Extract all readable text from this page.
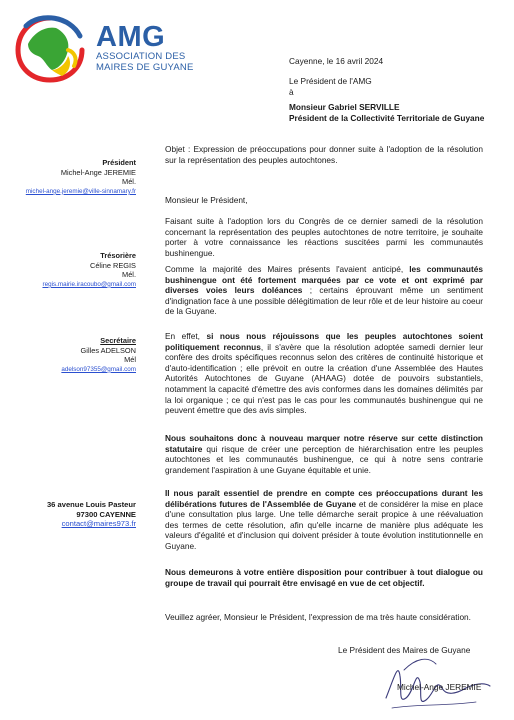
AMG
ASSOCIATION DES
MAIRES DE GUYANE
Cayenne, le 16 avril 2024
Le Président de l'AMG
à
Monsieur Gabriel SERVILLE
Président de la Collectivité Territoriale de Guyane
Président
Michel-Ange JEREMIE
Mél.
michel-ange.jeremie@ville-sinnamary.fr
Trésorière
Céline REGIS
Mél.
regis.mairie.iracoubo@gmail.com
Secrétaire
Gilles ADELSON
Mél
adelson97355@gmail.com
36 avenue Louis Pasteur
97300 CAYENNE
contact@maires973.fr
Objet : Expression de préoccupations pour donner suite à l'adoption de la résolution sur la représentation des peuples autochtones.
Monsieur le Président,
Faisant suite à l'adoption lors du Congrès de ce dernier samedi de la résolution concernant la représentation des peuples autochtones de notre territoire, je souhaite porter à votre connaissance les réactions suscitées parmi les communautés bushinengue.
Comme la majorité des Maires présents l'avaient anticipé, les communautés bushinengue ont été fortement marquées par ce vote et ont exprimé par diverses voies leurs doléances ; certains éprouvant même un sentiment d'indignation face à une possible délégitimation de leur rôle et de leur histoire au coeur de la Guyane.
En effet, si nous nous réjouissons que les peuples autochtones soient politiquement reconnus, il s'avère que la résolution adoptée samedi dernier leur confère des droits spécifiques reconnus selon des critères de continuité historique et d'auto-identification ; elle prévoit en outre la création d'une Assemblée des Hautes Autorités Autochtones de Guyane (AHAAG) dotée de pouvoirs substantiels, notamment la capacité d'émettre des avis conformes dans les domaines délimités par la loi organique ; ce qui n'est pas le cas pour les communautés bushinengue qui ne peuvent émettre que des avis simples.
Nous souhaitons donc à nouveau marquer notre réserve sur cette distinction statutaire qui risque de créer une perception de hiérarchisation entre les peuples autochtones et les communautés bushinengue, ce qui à notre sens contrarie grandement l'aspiration à une Guyane équitable et unie.
Il nous paraît essentiel de prendre en compte ces préoccupations durant les délibérations futures de l'Assemblée de Guyane et de considérer la mise en place d'une consultation plus large. Une telle démarche serait propice à une réévaluation des termes de cette résolution, afin qu'elle incarne de manière plus adéquate les valeurs d'égalité et d'inclusion qui doivent présider à toute évolution institutionnelle en Guyane.
Nous demeurons à votre entière disposition pour contribuer à tout dialogue ou groupe de travail qui pourrait être envisagé en vue de cet objectif.
Veuillez agréer, Monsieur le Président, l'expression de ma très haute considération.
Le Président des Maires de Guyane
Michel-Ange JEREMIE
